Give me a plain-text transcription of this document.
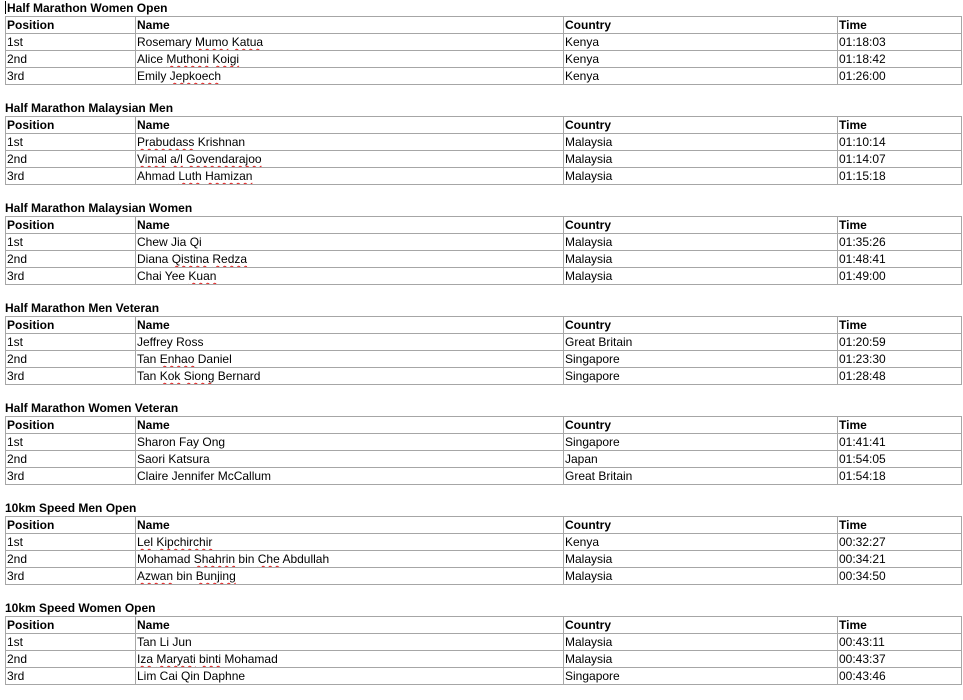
Half Marathon Women Open
Position	Name	Country	Time
1st	Rosemary Mumo Katua	Kenya	01:18:03
2nd	Alice Muthoni Koigi	Kenya	01:18:42
3rd	Emily Jepkoech	Kenya	01:26:00
Half Marathon Malaysian Men
Position	Name	Country	Time
1st	Prabudass Krishnan	Malaysia	01:10:14
2nd	Vimal a/l Govendarajoo	Malaysia	01:14:07
3rd	Ahmad Luth Hamizan	Malaysia	01:15:18
Half Marathon Malaysian Women
Position	Name	Country	Time
1st	Chew Jia Qi	Malaysia	01:35:26
2nd	Diana Qistina Redza	Malaysia	01:48:41
3rd	Chai Yee Kuan	Malaysia	01:49:00
Half Marathon Men Veteran
Position	Name	Country	Time
1st	Jeffrey Ross	Great Britain	01:20:59
2nd	Tan Enhao Daniel	Singapore	01:23:30
3rd	Tan Kok Siong Bernard	Singapore	01:28:48
Half Marathon Women Veteran
Position	Name	Country	Time
1st	Sharon Fay Ong	Singapore	01:41:41
2nd	Saori Katsura	Japan	01:54:05
3rd	Claire Jennifer McCallum	Great Britain	01:54:18
10km Speed Men Open
Position	Name	Country	Time
1st	Lel Kipchirchir	Kenya	00:32:27
2nd	Mohamad Shahrin bin Che Abdullah	Malaysia	00:34:21
3rd	Azwan bin Bunjing	Malaysia	00:34:50
10km Speed Women Open
Position	Name	Country	Time
1st	Tan Li Jun	Malaysia	00:43:11
2nd	Iza Maryati binti Mohamad	Malaysia	00:43:37
3rd	Lim Cai Qin Daphne	Singapore	00:43:46
